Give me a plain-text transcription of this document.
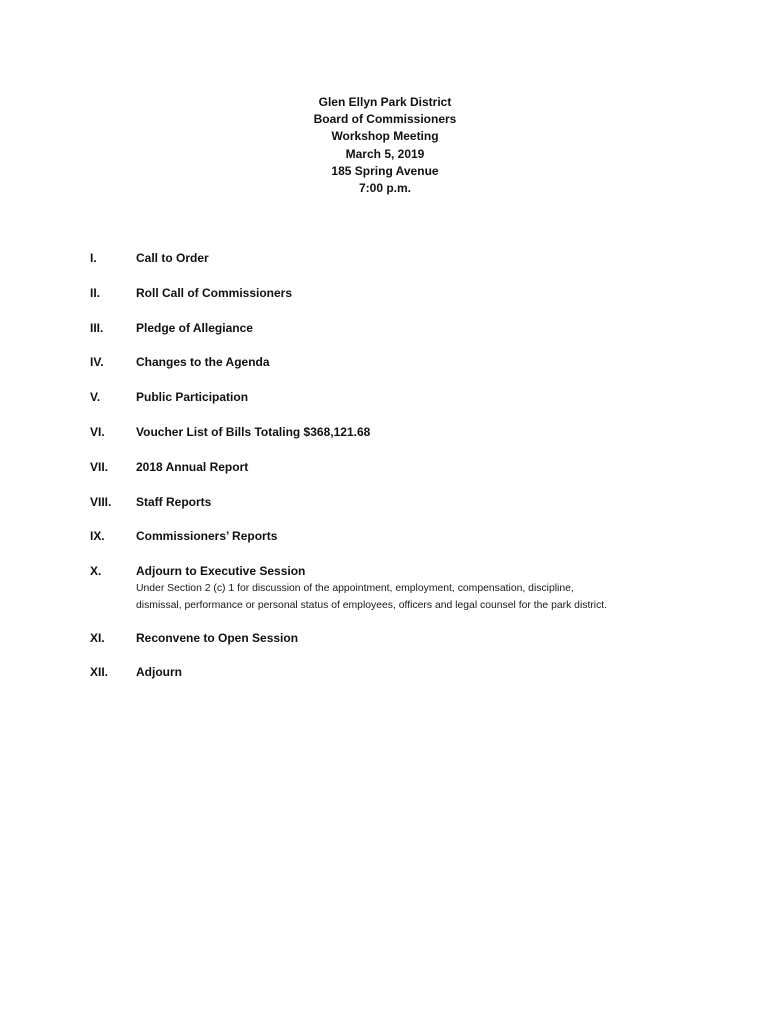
Glen Ellyn Park District
Board of Commissioners
Workshop Meeting
March 5, 2019
185 Spring Avenue
7:00 p.m.
I.	Call to Order
II.	Roll Call of Commissioners
III.	Pledge of Allegiance
IV.	Changes to the Agenda
V.	Public Participation
VI.	Voucher List of Bills Totaling $368,121.68
VII. 2018 Annual Report
VIII. Staff Reports
IX.	Commissioners’ Reports
X.	Adjourn to Executive Session
Under Section 2 (c) 1 for discussion of the appointment, employment, compensation, discipline,
dismissal, performance or personal status of employees, officers and legal counsel for the park district.
XI.	Reconvene to Open Session
XII. Adjourn
